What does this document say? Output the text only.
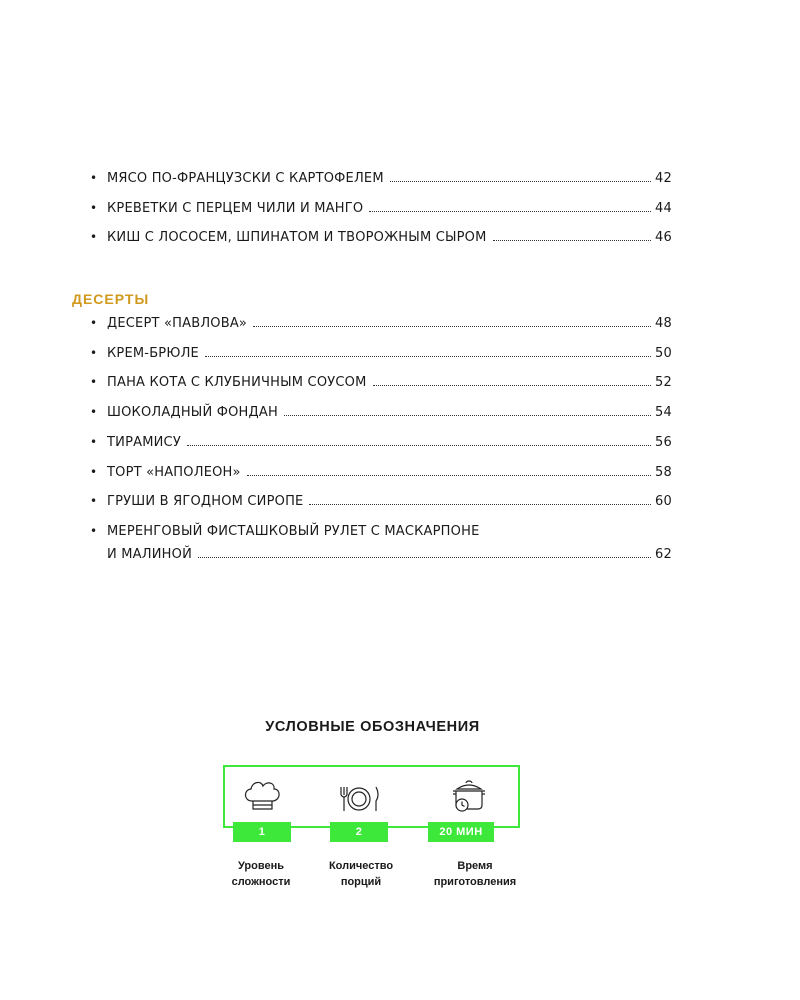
• МЯСО ПО-ФРАНЦУЗСКИ С КАРТОФЕЛЕМ	42
• КРЕВЕТКИ С ПЕРЦЕМ ЧИЛИ И МАНГО	44
• КИШ С ЛОСОСЕМ, ШПИНАТОМ И ТВОРОЖНЫМ СЫРОМ	46
ДЕСЕРТЫ
• ДЕСЕРТ «ПАВЛОВА»	48
• КРЕМ-БРЮЛЕ	50
• ПАНА КОТА С КЛУБНИЧНЫМ СОУСОМ	52
• ШОКОЛАДНЫЙ ФОНДАН	54
• ТИРАМИСУ	56
• ТОРТ «НАПОЛЕОН»	58
• ГРУШИ В ЯГОДНОМ СИРОПЕ	60
• МЕРЕНГОВЫЙ ФИСТАШКОВЫЙ РУЛЕТ С МАСКАРПОНЕ
И МАЛИНОЙ	62
УСЛОВНЫЕ ОБОЗНАЧЕНИЯ
1	2	20 МИН
Уровень
сложности
Количество
порций
Время
приготовления
